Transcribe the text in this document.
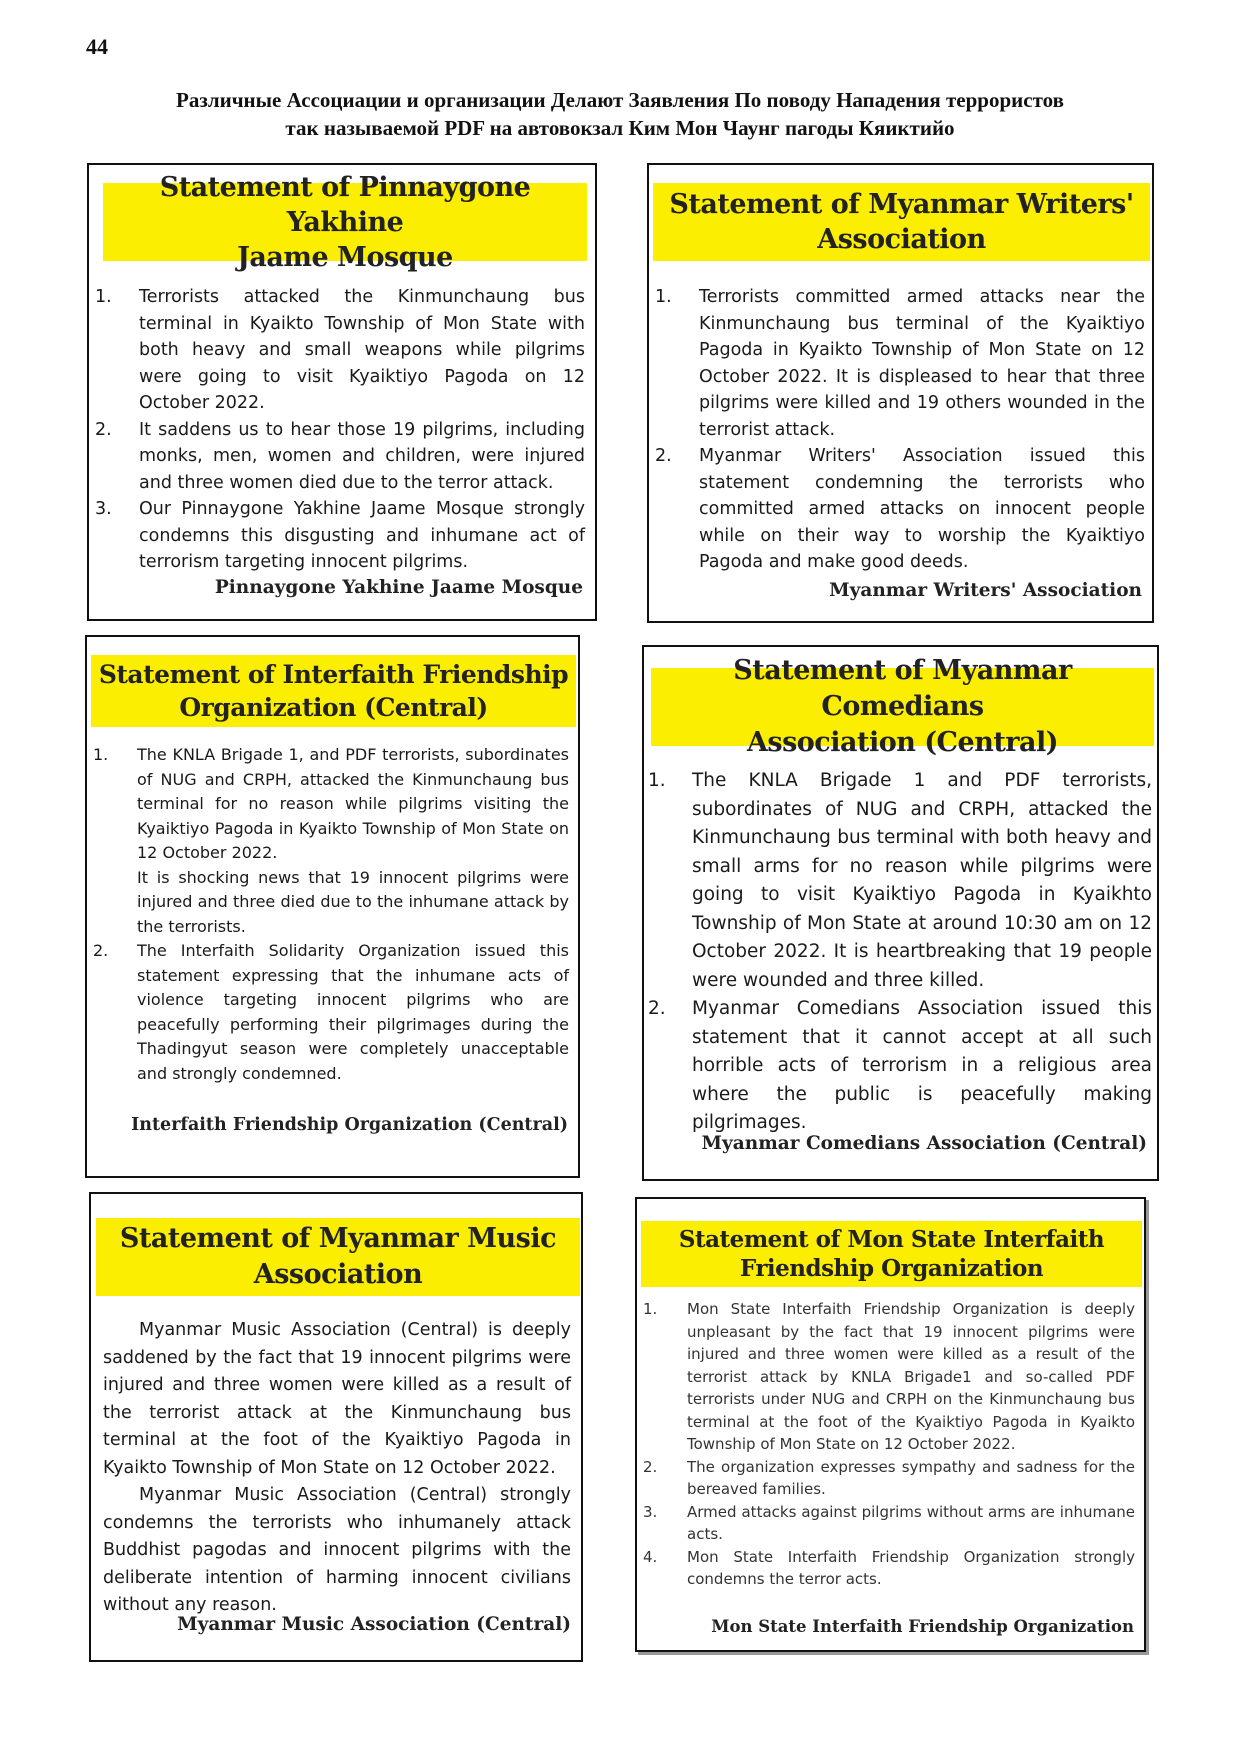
44
Различные Ассоциации и организации Делают Заявления По поводу Нападения террористов
так называемой PDF на автовокзал Ким Мон Чаунг пагоды Кяиктийо
Statement of Pinnaygone Yakhine
Jaame Mosque
1. Terrorists attacked the Kinmunchaung bus terminal in Kyaikto Township of Mon State with both heavy and small weapons while pilgrims were going to visit Kyaiktiyo Pagoda on 12 October 2022.

2. It saddens us to hear those 19 pilgrims, including monks, men, women and children, were injured and three women died due to the terror attack.

3. Our Pinnaygone Yakhine Jaame Mosque strongly condemns this disgusting and inhumane act of terrorism targeting innocent pilgrims.

Pinnaygone Yakhine Jaame Mosque
Statement of Myanmar Writers'
Association
1. Terrorists committed armed attacks near the Kinmunchaung bus terminal of the Kyaiktiyo Pagoda in Kyaikto Township of Mon State on 12 October 2022. It is displeased to hear that three pilgrims were killed and 19 others wounded in the terrorist attack.

2. Myanmar Writers' Association issued this statement condemning the terrorists who committed armed attacks on innocent people while on their way to worship the Kyaiktiyo Pagoda and make good deeds.

Myanmar Writers' Association
Statement of Interfaith Friendship
Organization (Central)
1. The KNLA Brigade 1, and PDF terrorists, subordinates of NUG and CRPH, attacked the Kinmunchaung bus terminal for no reason while pilgrims visiting the Kyaiktiyo Pagoda in Kyaikto Township of Mon State on 12 October 2022.

It is shocking news that 19 innocent pilgrims were injured and three died due to the inhumane attack by the terrorists.

2. The Interfaith Solidarity Organization issued this statement expressing that the inhumane acts of violence targeting innocent pilgrims who are peacefully performing their pilgrimages during the Thadingyut season were completely unacceptable and strongly condemned.

Interfaith Friendship Organization (Central)
Statement of Myanmar Comedians
Association (Central)
1. The KNLA Brigade 1 and PDF terrorists, subordinates of NUG and CRPH, attacked the Kinmunchaung bus terminal with both heavy and small arms for no reason while pilgrims were going to visit Kyaiktiyo Pagoda in Kyaikhto Township of Mon State at around 10:30 am on 12 October 2022. It is heartbreaking that 19 people were wounded and three killed.

2. Myanmar Comedians Association issued this statement that it cannot accept at all such horrible acts of terrorism in a religious area where the public is peacefully making pilgrimages.

Myanmar Comedians Association (Central)
Statement of Myanmar Music
Association

Myanmar Music Association (Central) is deeply saddened by the fact that 19 innocent pilgrims were injured and three women were killed as a result of the terrorist attack at the Kinmunchaung bus terminal at the foot of the Kyaiktiyo Pagoda in Kyaikto Township of Mon State on 12 October 2022.

Myanmar Music Association (Central) strongly condemns the terrorists who inhumanely attack Buddhist pagodas and innocent pilgrims with the deliberate intention of harming innocent civilians without any reason.

Myanmar Music Association (Central)
Statement of Mon State Interfaith
Friendship Organization
1. Mon State Interfaith Friendship Organization is deeply unpleasant by the fact that 19 innocent pilgrims were injured and three women were killed as a result of the terrorist attack by KNLA Brigade1 and so-called PDF terrorists under NUG and CRPH on the Kinmunchaung bus terminal at the foot of the Kyaiktiyo Pagoda in Kyaikto Township of Mon State on 12 October 2022.

2. The organization expresses sympathy and sadness for the bereaved families.

3. Armed attacks against pilgrims without arms are inhumane acts.

4. Mon State Interfaith Friendship Organization strongly condemns the terror acts.

Mon State Interfaith Friendship Organization
